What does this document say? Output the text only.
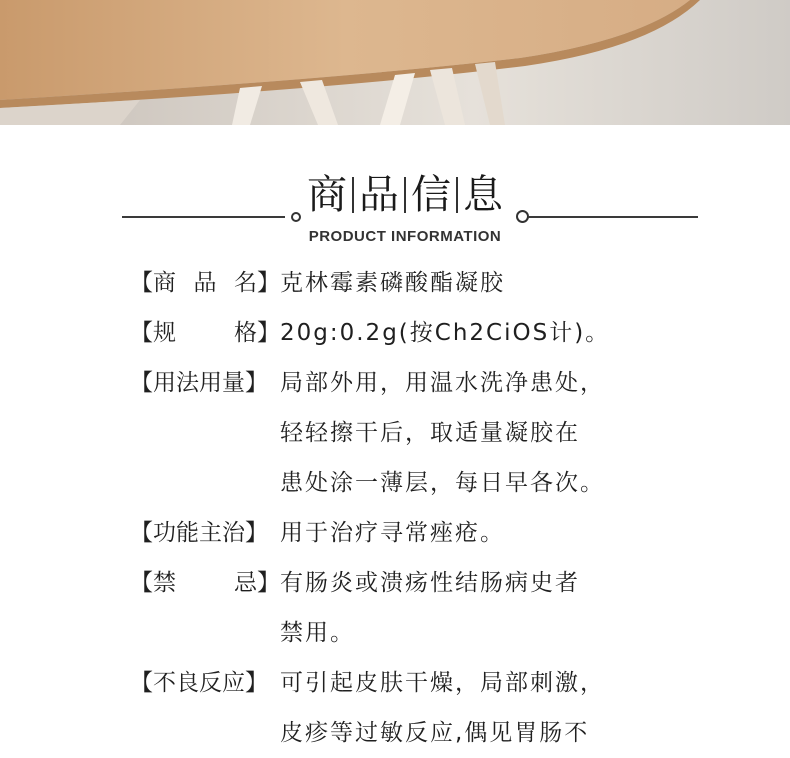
商 品 信 息
PRODUCT INFORMATION
【商 品 名】 克林霉素磷酸酯凝胶
【规	格】 20g:0.2g(按Ch2CiOS计)。
【用法用量】 局部外用，用温水洗净患处，
轻轻擦干后，取适量凝胶在
患处涂一薄层，每日早各次。
【功能主治】 用于治疗寻常痤疮。
【禁	忌】 有肠炎或溃疡性结肠病史者
禁用。
【不良反应】 可引起皮肤干燥，局部刺激，
皮疹等过敏反应,偶见胃肠不
